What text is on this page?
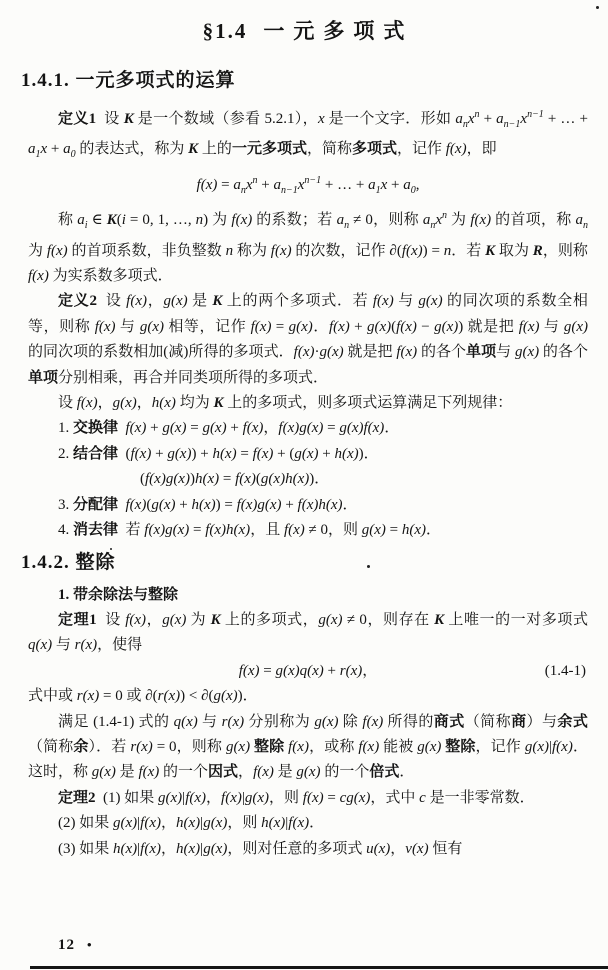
§1.4 一元多项式
1.4.1. 一元多项式的运算

定义1  设 K 是一个数域（参看 5.2.1），x 是一个文字．形如 $a_nx^n + a_{n-1}x^{n-1}$ + … + $a_1x + a_0$ 的表达式，称为 K 上的一元多项式，简称多项式，记作 f(x)，即

$f(x) = a_nx^n + a_{n-1}x^{n-1}$ + … + $a_1x + a_0$,

称 $a_i$ ∈ K(i = 0, 1, …, n) 为 f(x) 的系数；若 $a_n \ne 0$，则称 $a_nx^n$ 为 f(x) 的首项，称 $a_n$ 为 f(x) 的首项系数，非负整数 n 称为 f(x) 的次数，记作 ∂(f(x)) = n．若 K 取为 R，则称 f(x) 为实系数多项式．

定义2  设 f(x)，g(x) 是 K 上的两个多项式．若 f(x) 与 g(x) 的同次项的系数全相等，则称 f(x) 与 g(x) 相等，记作 f(x) = g(x)．f(x) + g(x)(f(x) − g(x)) 就是把 f(x) 与 g(x) 的同次项的系数相加(减)所得的多项式．f(x)·g(x) 就是把 f(x) 的各个单项与 g(x) 的各个单项分别相乘，再合并同类项所得的多项式．

设 f(x)，g(x)，h(x) 均为 K 上的多项式，则多项式运算满足下列规律：

1. 交换律 f(x) + g(x) = g(x) + f(x)，f(x)g(x) = g(x)f(x)．

2. 结合律  (f(x) + g(x)) + h(x) = f(x) + (g(x) + h(x))．

(f(x)g(x))h(x) = f(x)(g(x)h(x))．

3. 分配律 f(x)(g(x) + h(x)) = f(x)g(x) + f(x)h(x)．

4. 消去律  若 f(x)g(x) = f(x)h(x)，且 f(x) ≠ 0，则 g(x) = h(x)．

1.4.2. 整除

1. 带余除法与整除

定理1  设 f(x)，g(x) 为 K 上的多项式，g(x) ≠ 0，则存在 K 上唯一的一对多项式 q(x) 与 r(x)，使得

f(x) = g(x)q(x) + r(x)，	(1.4-1)

式中或 r(x) = 0 或 ∂(r(x)) < ∂(g(x))．

满足 (1.4-1) 式的 q(x) 与 r(x) 分别称为 g(x) 除 f(x) 所得的商式（简称商）与余式（简称余）．若 r(x) = 0，则称 g(x) 整除 f(x)，或称 f(x) 能被 g(x) 整除，记作 g(x)|f(x)．这时，称 g(x) 是 f(x) 的一个因式，f(x) 是 g(x) 的一个倍式．

定理2  (1) 如果 g(x)|f(x)，f(x)|g(x)，则 f(x) = cg(x)，式中 c 是一非零常数．

(2) 如果 g(x)|f(x)，h(x)|g(x)，则 h(x)|f(x)．

(3) 如果 h(x)|f(x)，h(x)|g(x)，则对任意的多项式 u(x)，v(x) 恒有

12 •
